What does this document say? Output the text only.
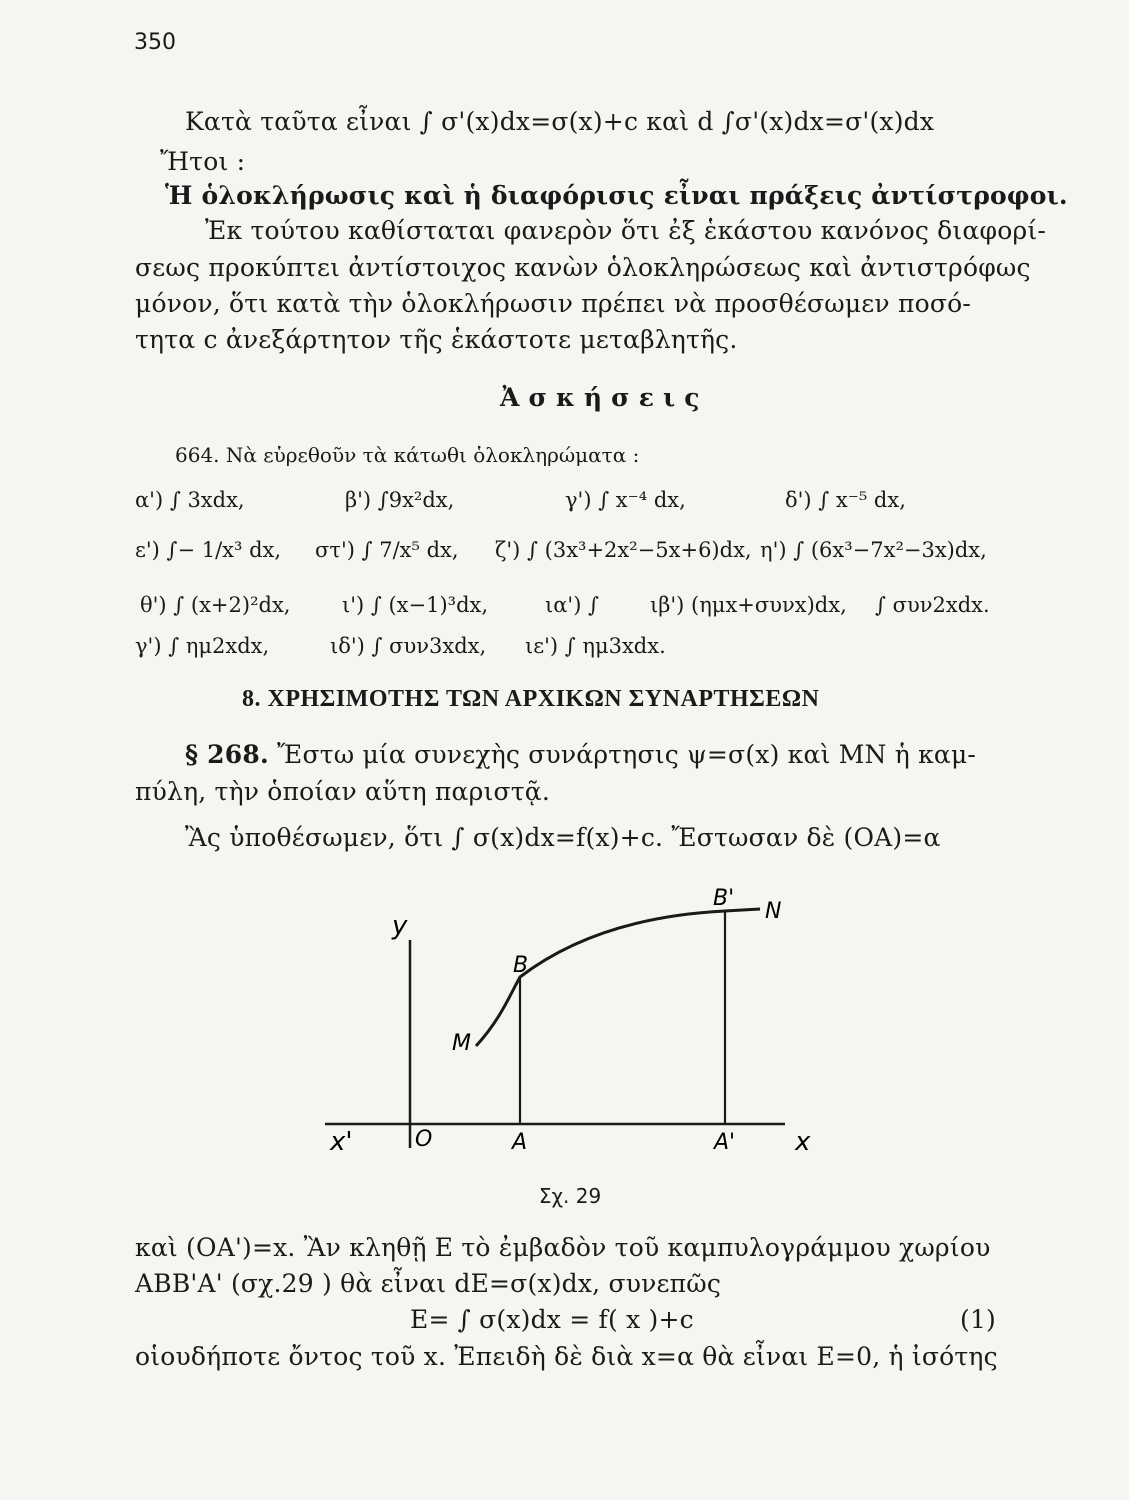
350
Κατὰ ταῦτα εἶναι ∫ σ'(x)dx=σ(x)+c καὶ d ∫σ'(x)dx=σ'(x)dx
Ἤτοι :
Ἡ ὁλοκλήρωσις καὶ ἡ διαφόρισις εἶναι πράξεις ἀντίστροφοι.
Ἐκ τούτου καθίσταται φανερὸν ὅτι ἐξ ἑκάστου κανόνος διαφορί-
σεως προκύπτει ἀντίστοιχος κανὼν ὁλοκληρώσεως καὶ ἀντιστρόφως
μόνον, ὅτι κατὰ τὴν ὁλοκλήρωσιν πρέπει νὰ προσθέσωμεν ποσό-
τητα c ἀνεξάρτητον τῆς ἑκάστοτε μεταβλητῆς.
Ἀ σ κ ή σ ε ι ς
664. Νὰ εὑρεθοῦν τὰ κάτωθι ὁλοκληρώματα :
α') ∫ 3xdx,	β') ∫9x²dx,	γ') ∫ x⁻⁴ dx,	δ') ∫ x⁻⁵ dx,
ε') ∫− 1/x³ dx, στ') ∫ 7/x⁵ dx, ζ') ∫ (3x³+2x²−5x+6)dx, η') ∫ (6x³−7x²−3x)dx,
θ') ∫ (x+2)²dx, ι') ∫ (x−1)³dx,	ια') ∫ ιβ') (ημx+συνx)dx, ∫ συν2xdx.
γ') ∫ ημ2xdx,	ιδ') ∫ συν3xdx, ιε') ∫ ημ3xdx.
8. ΧΡΗΣΙΜΟΤΗΣ ΤΩΝ ΑΡΧΙΚΩΝ ΣΥΝΑΡΤΗΣΕΩΝ
§ 268. Ἔστω μία συνεχὴς συνάρτησις ψ=σ(x) καὶ ΜΝ ἡ καμ-
πύλη, τὴν ὁποίαν αὕτη παριστᾷ.
Ἂς ὑποθέσωμεν, ὅτι ∫ σ(x)dx=f(x)+c. Ἔστωσαν δὲ (ΟΑ)=α
y
x
x'	O	A	A'
B
B'
M
N
Σχ. 29
καὶ (ΟΑ')=x. Ἂν κληθῇ Ε τὸ ἐμβαδὸν τοῦ καμπυλογράμμου χωρίου
ΑΒΒ'Α' (σχ.29 ) θὰ εἶναι dE=σ(x)dx, συνεπῶς
E= ∫ σ(x)dx = f( x )+c	(1)
οἱουδήποτε ὄντος τοῦ x. Ἐπειδὴ δὲ διὰ x=α θὰ εἶναι E=0, ἡ ἰσότης
